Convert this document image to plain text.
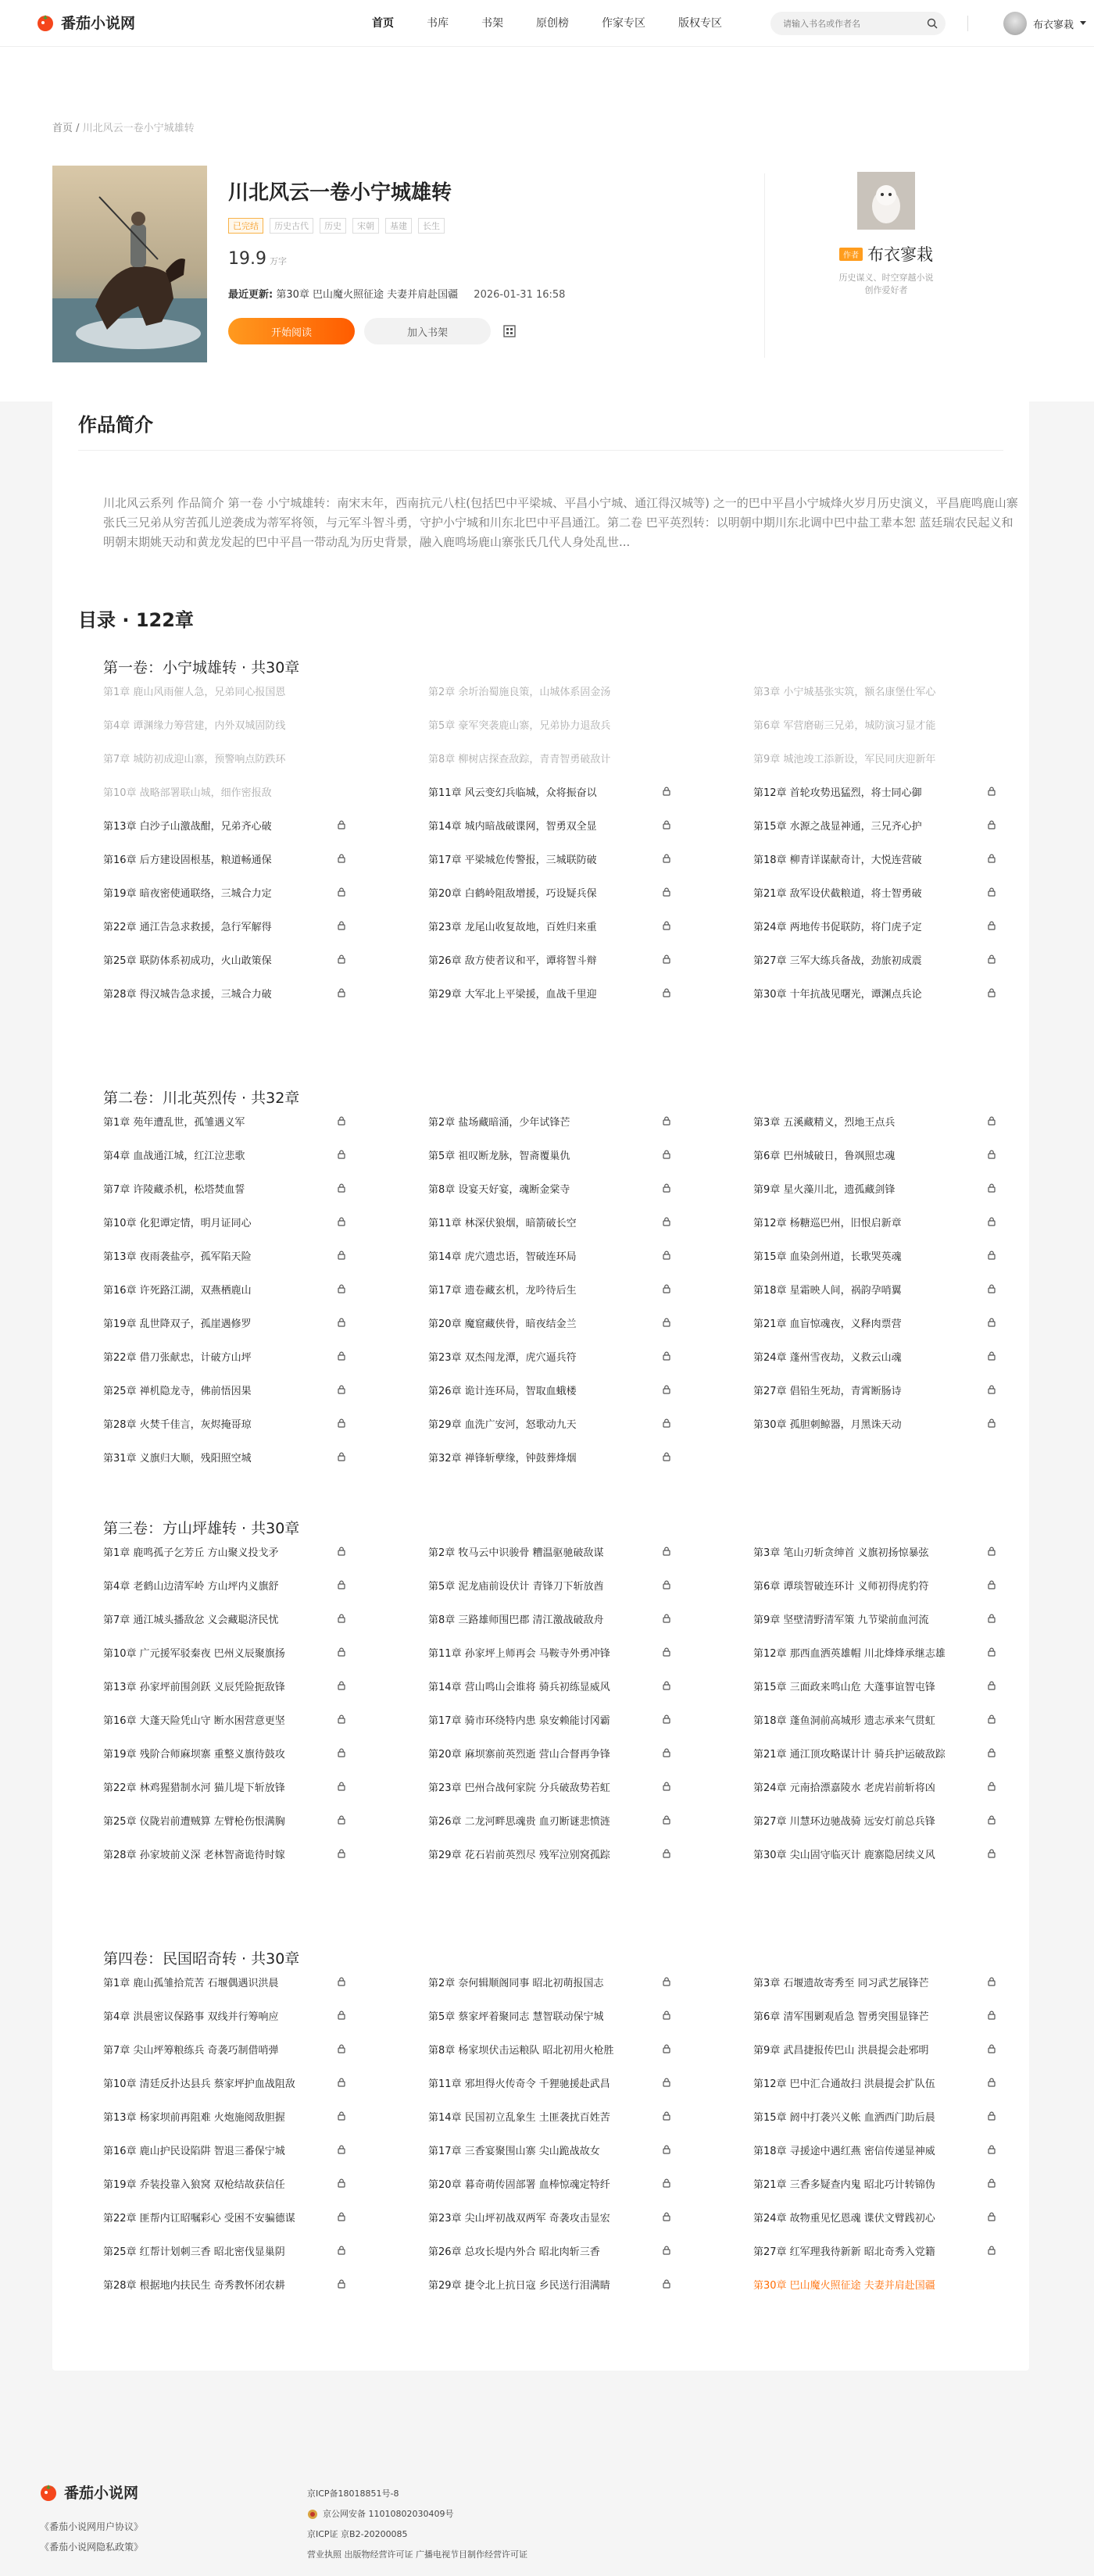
番茄小说网	首页	书库	书架	原创榜	作家专区	版权专区
请输入书名或作者名	布衣寥栽
首页 / 川北风云一卷小宁城雄转
川北风云一卷小宁城雄转
已完结	历史古代	历史	宋朝	基建	长生
19.9 万字
最近更新: 第30章 巴山魔火照征途 夫妻并肩赴国疆 2026-01-31 16:58
开始阅读	加入书架
作者 布衣寥栽
历史谋义、时空穿越小说创作爱好者
作品简介
川北风云系列 作品简介 第一卷 小宁城雄转：南宋末年，西南抗元八柱(包括巴中平梁城、平昌小宁城、通江得汉城等) 之一的巴中平昌小宁城烽火岁月历史演义，平昌鹿鸣鹿山寨张氏三兄弟从穷苦孤儿逆袭成为蒂军将领，与元军斗智斗勇，守护小宁城和川东北巴中平昌通江。第二卷 巴平英烈转：以明朝中期川东北调中巴中盐工辈本恕 蓝廷瑞农民起义和明朝末期姚天动和黄龙发起的巴中平昌一带动乱为历史背景，融入鹿鸣场鹿山寨张氏几代人身处乱世...
目录 · 122章
第一卷：小宁城雄转 · 共30章
第1章 鹿山风雨催人急，兄弟同心报国恩	第2章 余圻治蜀施良策，山城体系固金汤	第3章 小宁城基张实筑，额名康堡仕军心
第4章 谭渊缘力筹营建，内外双城固防线	第5章 豪军突袭鹿山寨，兄弟协力退敌兵	第6章 军营磨砺三兄弟，城防演习显才能
第7章 城防初成迎山寨，预警响点防跌环	第8章 柳树店探查敌踪，青青智勇破敌计	第9章 城池竣工添新设，军民同庆迎新年
第10章 战略部署联山城，细作密报敌	第11章 风云变幻兵临城，众将振奋以	第12章 首轮攻势迅猛烈，将士同心御
第13章 白沙子山激战酣，兄弟齐心破	第14章 城内暗战破谍网，智勇双全显	第15章 水源之战显神通，三兄齐心护
第16章 后方建设固根基，粮道畅通保	第17章 平梁城危传警报，三城联防破	第18章 柳青详谋献奇计，大悦连营破
第19章 暗夜密使通联络，三城合力定	第20章 白鹤岭阻敌增援，巧设疑兵保	第21章 敌军设伏截粮道，将士智勇破
第22章 通江告急求救援，急行军解得	第23章 龙尾山收复故地，百姓归来重	第24章 两地传书促联防，将门虎子定
第25章 联防体系初成功，火山敢策保	第26章 敌方使者议和平，谭将智斗辩	第27章 三军大练兵备战，劲旅初成震
第28章 得汉城告急求援，三城合力破	第29章 大军北上平梁援，血战千里迎	第30章 十年抗战见曙光，谭渊点兵论
第二卷：川北英烈传 · 共32章
第1章 苑年遭乱世，孤雏遇义军	第2章 盐场藏暗涌，少年试锋芒	第3章 五溪藏精义，烈地王点兵
第4章 血战通江城，红江泣悲歌	第5章 祖叹断龙脉，智斋覆巢仇	第6章 巴州城破日，鲁飒照忠魂
第7章 许陵藏杀机，松塔焚血誓	第8章 设宴天好宴，魂断金棠寺	第9章 星火藻川北，遗孤藏剑锋
第10章 化犯谭定情，明月证同心	第11章 林深伏狼烟，暗箭破长空	第12章 杨糖巡巴州，旧恨启新章
第13章 夜雨袭盐亭，孤军陷天险	第14章 虎穴遗忠语，智破连环局	第15章 血染剑州道，长歌哭英魂
第16章 许死路江湖，双燕栖鹿山	第17章 遗卷藏玄机，龙吟待后生	第18章 星霜映人间，祸韵孕哨翼
第19章 乱世降双子，孤崖遇修罗	第20章 魔窟藏侠骨，暗夜结金兰	第21章 血盲惊魂夜，义释肉票营
第22章 借刀张献忠，计破方山坪	第23章 双杰闯龙潭，虎穴逼兵符	第24章 蓬州雪夜劫，义救云山魂
第25章 禅机隐龙寺，佛前悟因果	第26章 诡计连环局，智取血蛾楼	第27章 倡铅生死劫，青霄断肠诗
第28章 火焚千佳言，灰烬掩哥琼	第29章 血洗广安河，怒歌动九天	第30章 孤胆刺鲸器，月黑诛天动
第31章 义旗归大顺，残阳照空城	第32章 禅锋斩孽缘，钟鼓葬烽烟
第三卷：方山坪雄转 · 共30章
第1章 鹿鸣孤子乞芳丘 方山聚义投戈矛	第2章 牧马云中识骏骨 糟温驱驰破敌谋	第3章 笔山刃斩贪绅首 义旗初扬惊暴弦
第4章 老鹤山边清军岭 方山坪内义旗舒	第5章 泥龙庙前设伏计 青锋刀下斩放酋	第6章 谭琰智破连环计 义师初得虎豹符
第7章 通江城头播敌忿 义会藏聪济民忧	第8章 三路雄师围巴郡 清江激战破敌舟	第9章 坚壁清野清军策 九节梁前血河流
第10章 广元援军驳秦夜 巴州义辰聚旗扬	第11章 孙家坪上师再会 马鞍寺外勇冲锋	第12章 那西血洒英雄帽 川北烽烽承继志雄
第13章 孙家坪前围剑跃 义辰凭险扼敌锋	第14章 营山鸣山会谁将 骑兵初练显威风	第15章 三面政来鸣山危 大蓬事谊智屯锋
第16章 大蓬天险凭山守 断水困营意更坚	第17章 骑市环绕特内患 泉安赖能讨冈霸	第18章 蓬鱼洞前高城形 遗志承来气贯虹
第19章 残阶合师麻坝寨 重整义旗待鼓攻	第20章 麻坝寨前英烈逝 营山合督再争锋	第21章 通江顶攻略谋计计 骑兵护运破敌踪
第22章 林鸡猩猎制水河 猫儿堤下斩放锋	第23章 巴州合战何家院 分兵破敌势若虹	第24章 元南拾漂嘉陵水 老虎岩前斩将凶
第25章 仪陇岩前遭贼算 左臂枪伤恨满胸	第26章 二龙河畔思魂贵 血刃断谜悲愤涟	第27章 川慧环边驰战骑 远安灯前总兵锋
第28章 孙家坡前义深 老林智斋诡待时嫁	第29章 花石岩前英烈尽 残军泣别窝孤踪	第30章 尖山固守临灭计 鹿寨隐居续义风
第四卷：民国昭奇转 · 共30章
第1章 鹿山孤雏拾荒苦 石堰偶遇识洪晨	第2章 奈何辑顺阁同事 昭北初萌报国志	第3章 石堰遗故寄秀至 同习武艺展锋芒
第4章 洪晨密议保路事 双线并行筹响应	第5章 蔡家坪着聚同志 慧智联动保宁城	第6章 清军围剿观盾急 智勇突围显锋芒
第7章 尖山坪筹粮练兵 奇袭巧制借哨弹	第8章 杨家坝伏击运粮队 昭北初用火枪胜	第9章 武昌捷报传巴山 洪晨提会赴邪明
第10章 清廷反扑达县兵 蔡家坪护血战阻敌	第11章 邪坦得火传奇令 千狸驰援赴武昌	第12章 巴中汇合通故扫 洪晨提会扩队伍
第13章 杨家坝前再阻难 火炮施阅敌胆握	第14章 民国初立乱象生 土匪袭扰百姓苦	第15章 阏中打袭兴义帐 血洒西门助后晨
第16章 鹿山护民设陷阱 智退三番保宁城	第17章 三香宴聚围山寨 尖山跪战故女	第18章 寻援途中遇红燕 密信传递显神威
第19章 乔装投靠入狼窝 双枪结故获信任	第20章 暮奇萌传固部署 血棒惊魂定特纤	第21章 三香多疑查内鬼 昭北巧计转锦伪
第22章 匪帮内讧昭嘱彩心 受困不安骗德谋	第23章 尖山坪初战双两军 奇袭攻击显宏	第24章 故物重见忆恩魂 谍伏文臂践初心
第25章 红帮计划刺三香 昭北密伐显巢阴	第26章 总攻长堤内外合 昭北肉斩三香	第27章 红军理我待新新 昭北奇秀入党籍
第28章 根据地内扶民生 奇秀教怀闭农耕	第29章 捷令北上抗日寇 乡民送行泪满睛	第30章 巴山魔火照征途 夫妻并肩赴国疆
番茄小说网
《番茄小说网用户协议》
《番茄小说网隐私政策》
京ICP备18018851号-8
京公网安备 11010802030409号
京ICP证 京B2-20200085
营业执照 出版物经营许可证 广播电视节目制作经营许可证
